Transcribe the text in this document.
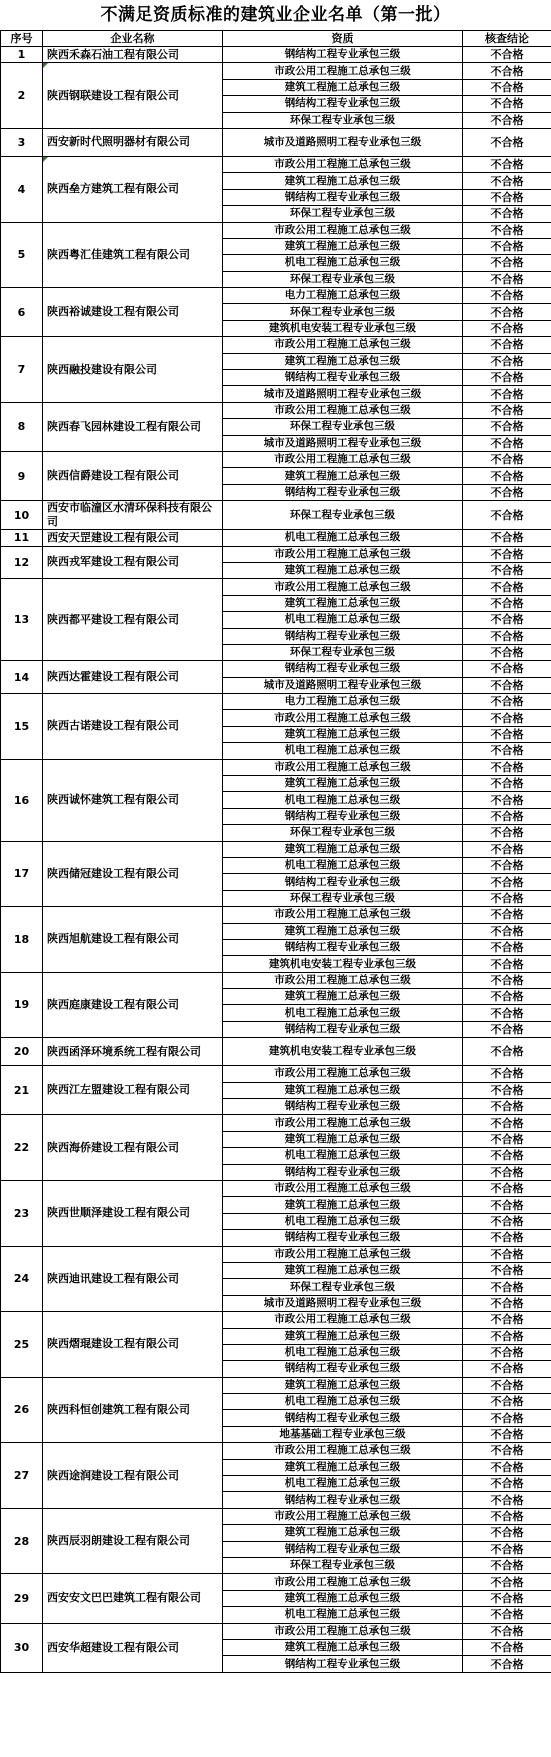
不满足资质标准的建筑业企业名单（第一批）
序号	企业名称	资质	核查结论
1	陕西禾森石油工程有限公司	钢结构工程专业承包三级	不合格
2	陕西钢联建设工程有限公司	市政公用工程施工总承包三级	不合格
		建筑工程施工总承包三级	不合格
		钢结构工程专业承包三级	不合格
		环保工程专业承包三级	不合格
3	西安新时代照明器材有限公司	城市及道路照明工程专业承包三级	不合格
4	陕西垒方建筑工程有限公司	市政公用工程施工总承包三级	不合格
		建筑工程施工总承包三级	不合格
		钢结构工程专业承包三级	不合格
		环保工程专业承包三级	不合格
5	陕西粤汇佳建筑工程有限公司	市政公用工程施工总承包三级	不合格
		建筑工程施工总承包三级	不合格
		机电工程施工总承包三级	不合格
		环保工程专业承包三级	不合格
6	陕西裕诚建设工程有限公司	电力工程施工总承包三级	不合格
		环保工程专业承包三级	不合格
		建筑机电安装工程专业承包三级	不合格
7	陕西融投建设有限公司	市政公用工程施工总承包三级	不合格
		建筑工程施工总承包三级	不合格
		钢结构工程专业承包三级	不合格
		城市及道路照明工程专业承包三级	不合格
8	陕西春飞园林建设工程有限公司	市政公用工程施工总承包三级	不合格
		环保工程专业承包三级	不合格
		城市及道路照明工程专业承包三级	不合格
9	陕西信爵建设工程有限公司	市政公用工程施工总承包三级	不合格
		建筑工程施工总承包三级	不合格
		钢结构工程专业承包三级	不合格
10	西安市临潼区水清环保科技有限公司	环保工程专业承包三级	不合格
11	西安天罡建设工程有限公司	机电工程施工总承包三级	不合格
12	陕西戎军建设工程有限公司	市政公用工程施工总承包三级	不合格
		建筑工程施工总承包三级	不合格
13	陕西都平建设工程有限公司	市政公用工程施工总承包三级	不合格
		建筑工程施工总承包三级	不合格
		机电工程施工总承包三级	不合格
		钢结构工程专业承包三级	不合格
		环保工程专业承包三级	不合格
14	陕西达霍建设工程有限公司	钢结构工程专业承包三级	不合格
		城市及道路照明工程专业承包三级	不合格
15	陕西古诺建设工程有限公司	电力工程施工总承包三级	不合格
		市政公用工程施工总承包三级	不合格
		建筑工程施工总承包三级	不合格
		机电工程施工总承包三级	不合格
16	陕西诚怀建筑工程有限公司	市政公用工程施工总承包三级	不合格
		建筑工程施工总承包三级	不合格
		机电工程施工总承包三级	不合格
		钢结构工程专业承包三级	不合格
		环保工程专业承包三级	不合格
17	陕西储冠建设工程有限公司	建筑工程施工总承包三级	不合格
		机电工程施工总承包三级	不合格
		钢结构工程专业承包三级	不合格
		环保工程专业承包三级	不合格
18	陕西旭航建设工程有限公司	市政公用工程施工总承包三级	不合格
		建筑工程施工总承包三级	不合格
		钢结构工程专业承包三级	不合格
		建筑机电安装工程专业承包三级	不合格
19	陕西庭康建设工程有限公司	市政公用工程施工总承包三级	不合格
		建筑工程施工总承包三级	不合格
		机电工程施工总承包三级	不合格
		钢结构工程专业承包三级	不合格
20	陕西函泽环境系统工程有限公司	建筑机电安装工程专业承包三级	不合格
21	陕西江左盟建设工程有限公司	市政公用工程施工总承包三级	不合格
		建筑工程施工总承包三级	不合格
		钢结构工程专业承包三级	不合格
22	陕西海侨建设工程有限公司	市政公用工程施工总承包三级	不合格
		建筑工程施工总承包三级	不合格
		机电工程施工总承包三级	不合格
		钢结构工程专业承包三级	不合格
23	陕西世顺泽建设工程有限公司	市政公用工程施工总承包三级	不合格
		建筑工程施工总承包三级	不合格
		机电工程施工总承包三级	不合格
		钢结构工程专业承包三级	不合格
24	陕西迪讯建设工程有限公司	市政公用工程施工总承包三级	不合格
		建筑工程施工总承包三级	不合格
		环保工程专业承包三级	不合格
		城市及道路照明工程专业承包三级	不合格
25	陕西熠琨建设工程有限公司	市政公用工程施工总承包三级	不合格
		建筑工程施工总承包三级	不合格
		机电工程施工总承包三级	不合格
		钢结构工程专业承包三级	不合格
26	陕西科恒创建筑工程有限公司	建筑工程施工总承包三级	不合格
		机电工程施工总承包三级	不合格
		钢结构工程专业承包三级	不合格
		地基基础工程专业承包三级	不合格
27	陕西途润建设工程有限公司	市政公用工程施工总承包三级	不合格
		建筑工程施工总承包三级	不合格
		机电工程施工总承包三级	不合格
		钢结构工程专业承包三级	不合格
28	陕西辰羽朗建设工程有限公司	市政公用工程施工总承包三级	不合格
		建筑工程施工总承包三级	不合格
		钢结构工程专业承包三级	不合格
		环保工程专业承包三级	不合格
29	西安安文巴巴建筑工程有限公司	市政公用工程施工总承包三级	不合格
		建筑工程施工总承包三级	不合格
		机电工程施工总承包三级	不合格
30	西安华超建设工程有限公司	市政公用工程施工总承包三级	不合格
		建筑工程施工总承包三级	不合格
		钢结构工程专业承包三级	不合格
